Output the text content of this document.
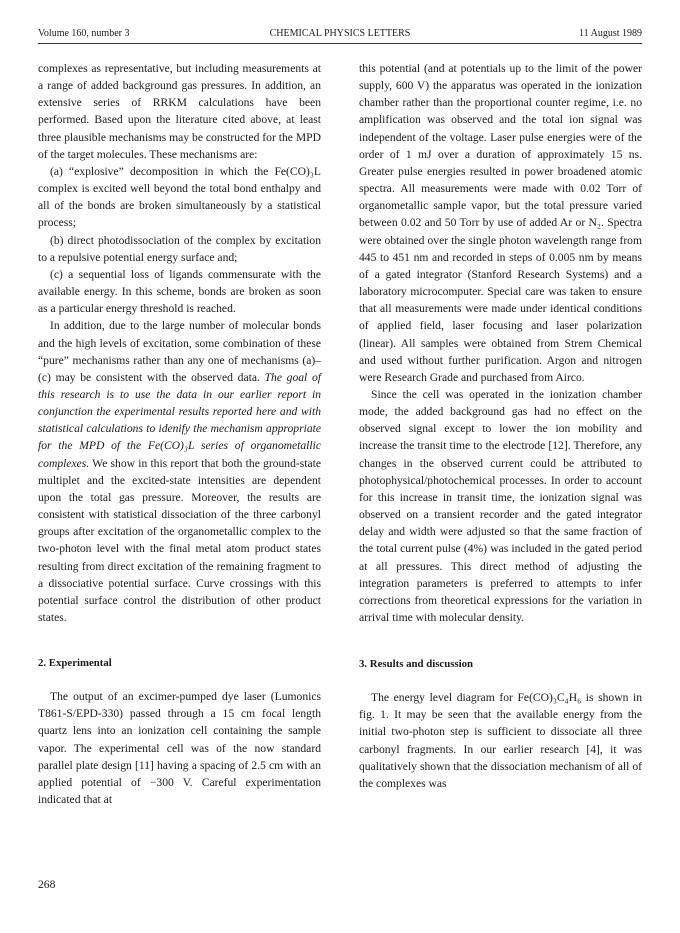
Volume 160, number 3	CHEMICAL PHYSICS LETTERS	11 August 1989

complexes as representative, but including measurements at a range of added background gas pressures. In addition, an extensive series of RRKM calculations have been performed. Based upon the literature cited above, at least three plausible mechanisms may be constructed for the MPD of the target molecules. These mechanisms are:

(a) “explosive” decomposition in which the Fe(CO)₃L complex is excited well beyond the total bond enthalpy and all of the bonds are broken simultaneously by a statistical process;

(b) direct photodissociation of the complex by excitation to a repulsive potential energy surface and;

(c) a sequential loss of ligands commensurate with the available energy. In this scheme, bonds are broken as soon as a particular energy threshold is reached.

In addition, due to the large number of molecular bonds and the high levels of excitation, some combination of these “pure” mechanisms rather than any one of mechanisms (a)–(c) may be consistent with the observed data. The goal of this research is to use the data in our earlier report in conjunction the experimental results reported here and with statistical calculations to idenify the mechanism appropriate for the MPD of the Fe(CO)₃L series of organometallic complexes. We show in this report that both the ground-state multiplet and the excited-state intensities are dependent upon the total gas pressure. Moreover, the results are consistent with statistical dissociation of the three carbonyl groups after excitation of the organometallic complex to the two-photon level with the final metal atom product states resulting from direct excitation of the remaining fragment to a dissociative potential surface. Curve crossings with this potential surface control the distribution of other product states.

2. Experimental

The output of an excimer-pumped dye laser (Lumonics T861-S/EPD-330) passed through a 15 cm focal length quartz lens into an ionization cell containing the sample vapor. The experimental cell was of the now standard parallel plate design [11] having a spacing of 2.5 cm with an applied potential of −300 V. Careful experimentation indicated that at

this potential (and at potentials up to the limit of the power supply, 600 V) the apparatus was operated in the ionization chamber rather than the proportional counter regime, i.e. no amplification was observed and the total ion signal was independent of the voltage. Laser pulse energies were of the order of 1 mJ over a duration of approximately 15 ns. Greater pulse energies resulted in power broadened atomic spectra. All measurements were made with 0.02 Torr of organometallic sample vapor, but the total pressure varied between 0.02 and 50 Torr by use of added Ar or N₂. Spectra were obtained over the single photon wavelength range from 445 to 451 nm and recorded in steps of 0.005 nm by means of a gated integrator (Stanford Research Systems) and a laboratory microcomputer. Special care was taken to ensure that all measurements were made under identical conditions of applied field, laser focusing and laser polarization (linear). All samples were obtained from Strem Chemical and used without further purification. Argon and nitrogen were Research Grade and purchased from Airco.

Since the cell was operated in the ionization chamber mode, the added background gas had no effect on the observed signal except to lower the ion mobility and increase the transit time to the electrode [12]. Therefore, any changes in the observed current could be attributed to photophysical/photochemical processes. In order to account for this increase in transit time, the ionization signal was observed on a transient recorder and the gated integrator delay and width were adjusted so that the same fraction of the total current pulse (4%) was included in the gated period at all pressures. This direct method of adjusting the integration parameters is preferred to attempts to infer corrections from theoretical expressions for the variation in arrival time with molecular density.

3. Results and discussion

The energy level diagram for Fe(CO)₃C₄H₆ is shown in fig. 1. It may be seen that the available energy from the initial two-photon step is sufficient to dissociate all three carbonyl fragments. In our earlier research [4], it was qualitatively shown that the dissociation mechanism of all of the complexes was

268
